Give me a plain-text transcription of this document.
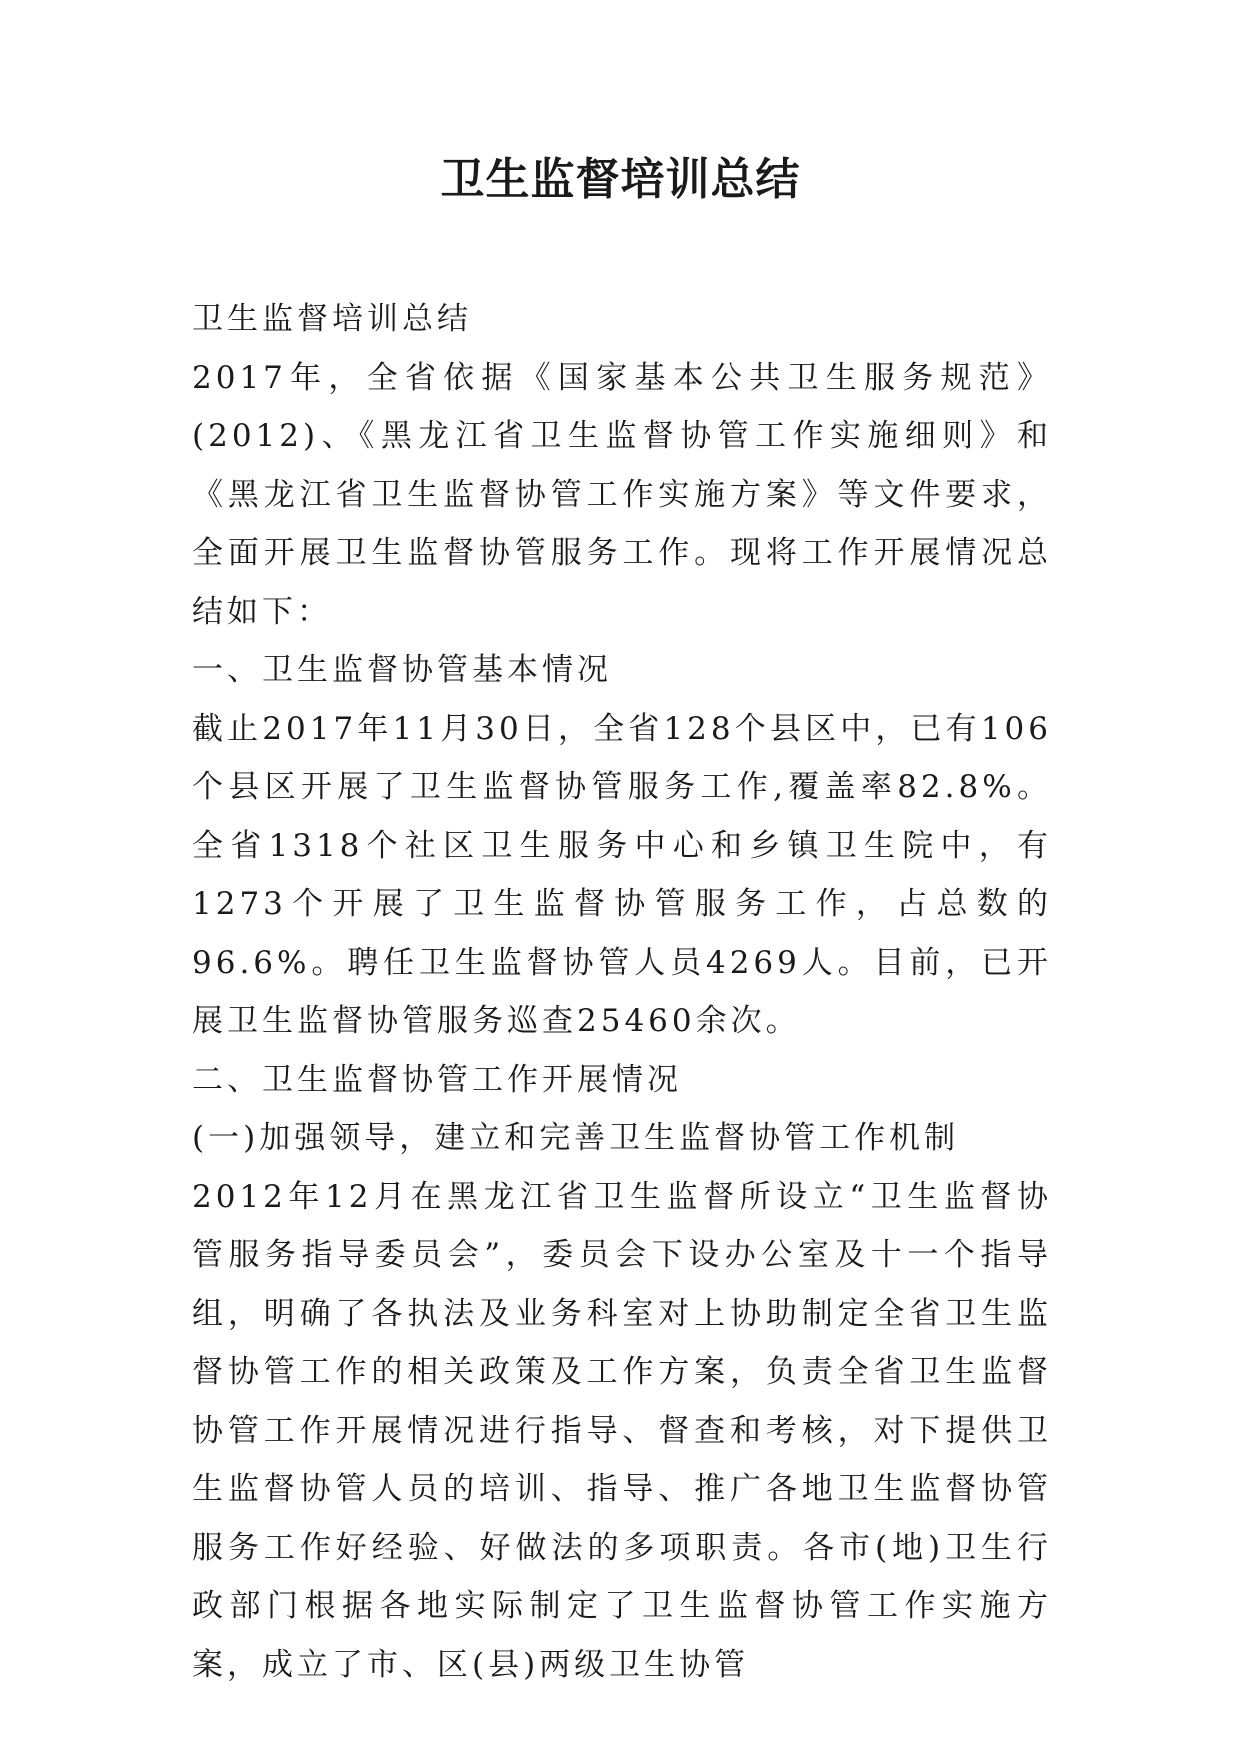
卫生监督培训总结

卫生监督培训总结

2017年，全省依据《国家基本公共卫生服务规范》(2012)、《黑龙江省卫生监督协管工作实施细则》和《黑龙江省卫生监督协管工作实施方案》等文件要求，全面开展卫生监督协管服务工作。现将工作开展情况总结如下：

一、卫生监督协管基本情况

截止2017年11月30日，全省128个县区中，已有106个县区开展了卫生监督协管服务工作,覆盖率82.8%。全省1318个社区卫生服务中心和乡镇卫生院中，有1273个开展了卫生监督协管服务工作，占总数的96.6%。聘任卫生监督协管人员4269人。目前，已开展卫生监督协管服务巡查25460余次。

二、卫生监督协管工作开展情况

(一)加强领导，建立和完善卫生监督协管工作机制

2012年12月在黑龙江省卫生监督所设立“卫生监督协管服务指导委员会”，委员会下设办公室及十一个指导组，明确了各执法及业务科室对上协助制定全省卫生监督协管工作的相关政策及工作方案，负责全省卫生监督协管工作开展情况进行指导、督查和考核，对下提供卫生监督协管人员的培训、指导、推广各地卫生监督协管服务工作好经验、好做法的多项职责。各市(地)卫生行政部门根据各地实际制定了卫生监督协管工作实施方案，成立了市、区(县)两级卫生协管
